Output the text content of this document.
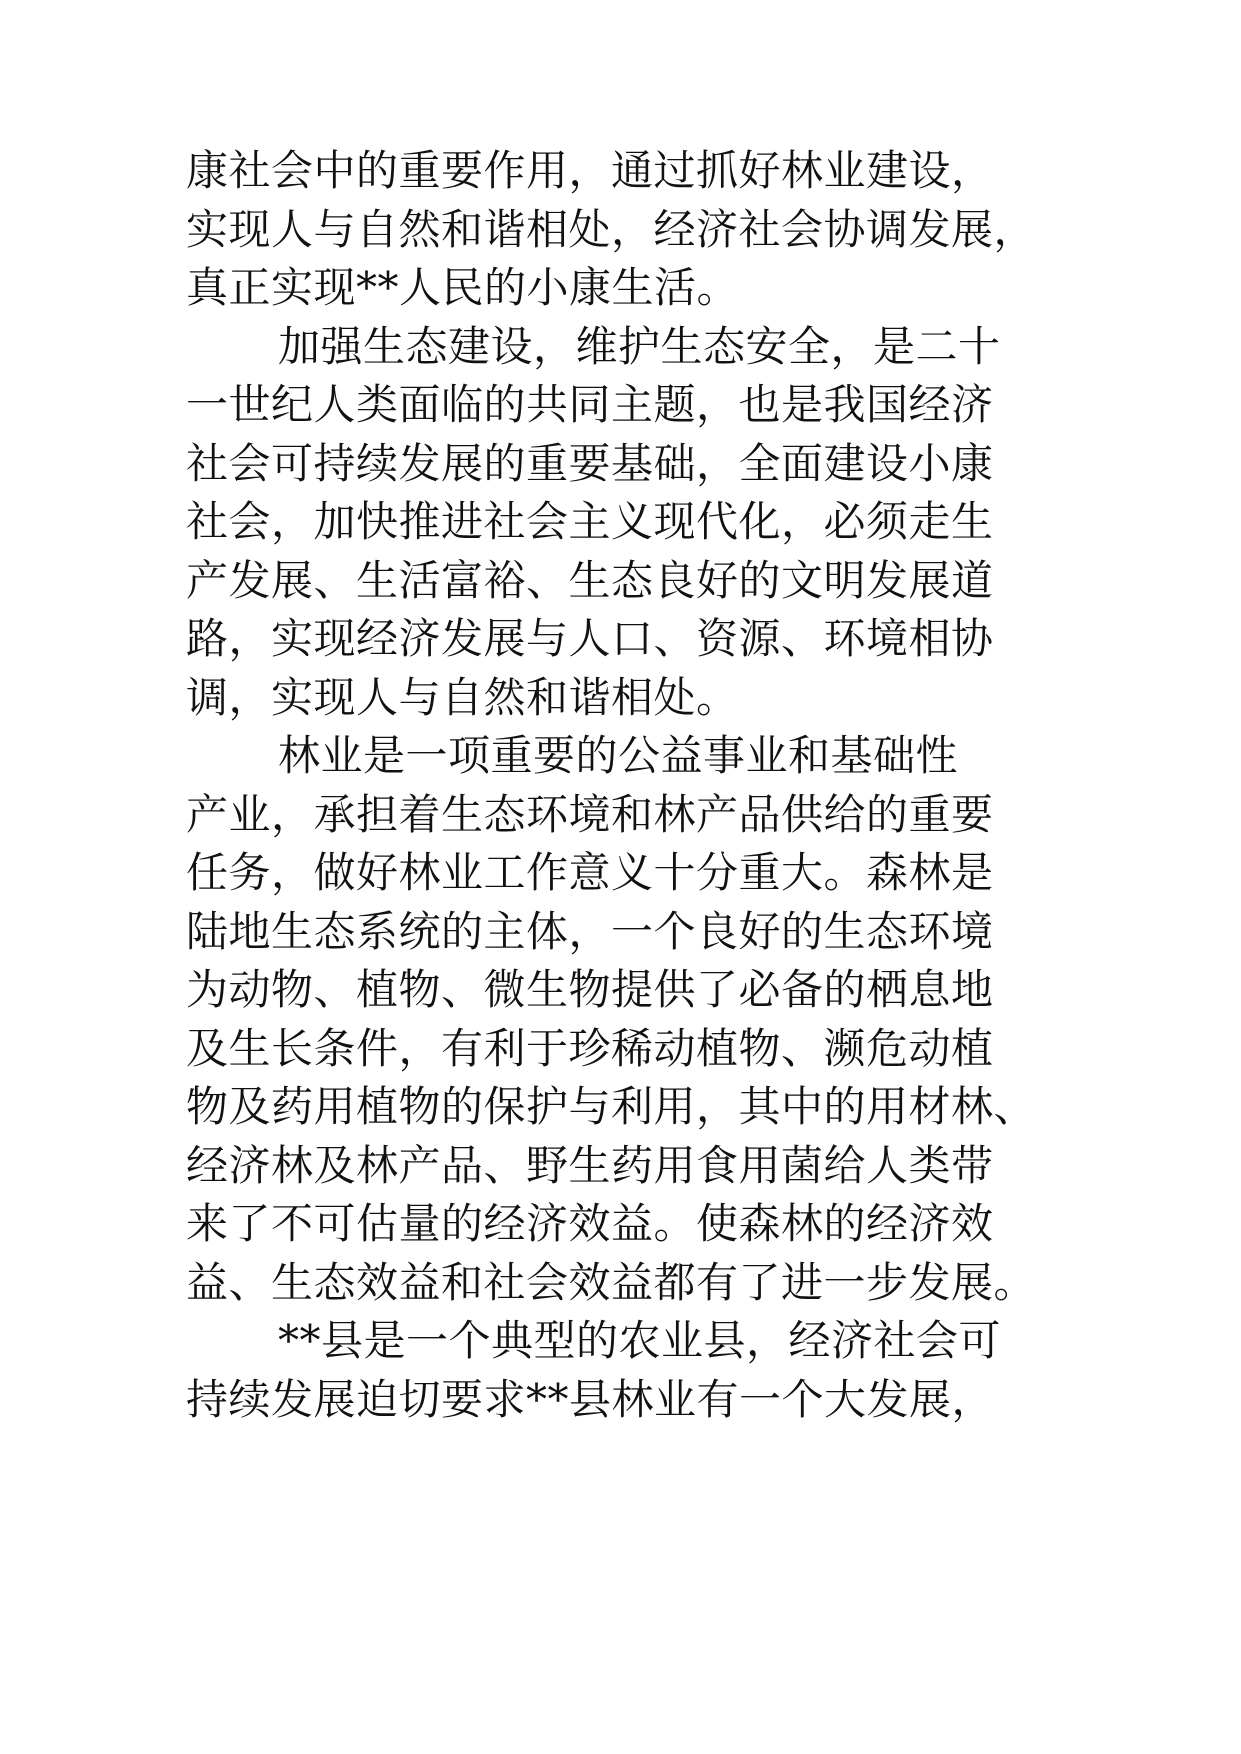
康社会中的重要作用，通过抓好林业建设，
实现人与自然和谐相处，经济社会协调发展，
真正实现**人民的小康生活。
加强生态建设，维护生态安全，是二十
一世纪人类面临的共同主题，也是我国经济
社会可持续发展的重要基础，全面建设小康
社会，加快推进社会主义现代化，必须走生
产发展、生活富裕、生态良好的文明发展道
路，实现经济发展与人口、资源、环境相协
调，实现人与自然和谐相处。
林业是一项重要的公益事业和基础性
产业，承担着生态环境和林产品供给的重要
任务，做好林业工作意义十分重大。森林是
陆地生态系统的主体，一个良好的生态环境
为动物、植物、微生物提供了必备的栖息地
及生长条件，有利于珍稀动植物、濒危动植
物及药用植物的保护与利用，其中的用材林、
经济林及林产品、野生药用食用菌给人类带
来了不可估量的经济效益。使森林的经济效
益、生态效益和社会效益都有了进一步发展。
**县是一个典型的农业县，经济社会可
持续发展迫切要求**县林业有一个大发展，
